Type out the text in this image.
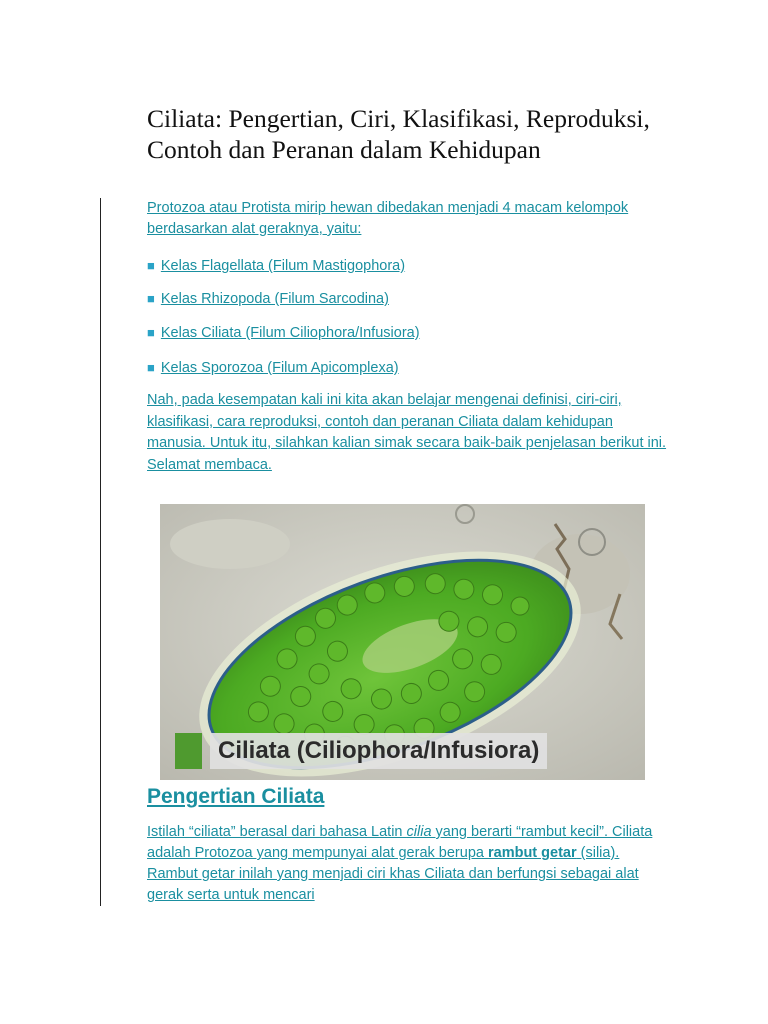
Ciliata: Pengertian, Ciri, Klasifikasi, Reproduksi, Contoh dan Peranan dalam Kehidupan
Protozoa atau Protista mirip hewan dibedakan menjadi 4 macam kelompok berdasarkan alat geraknya, yaitu:
■ Kelas Flagellata (Filum Mastigophora)
■ Kelas Rhizopoda (Filum Sarcodina)
■ Kelas Ciliata (Filum Ciliophora/Infusiora)
■ Kelas Sporozoa (Filum Apicomplexa)
Nah, pada kesempatan kali ini kita akan belajar mengenai definisi, ciri-ciri, klasifikasi, cara reproduksi, contoh dan peranan Ciliata dalam kehidupan manusia. Untuk itu, silahkan kalian simak secara baik-baik penjelasan berikut ini. Selamat membaca.
Ciliata (Ciliophora/Infusiora)
Pengertian Ciliata
Istilah “ciliata” berasal dari bahasa Latin cilia yang berarti “rambut kecil”. Ciliata adalah Protozoa yang mempunyai alat gerak berupa rambut getar (silia). Rambut getar inilah yang menjadi ciri khas Ciliata dan berfungsi sebagai alat gerak serta untuk mencari
